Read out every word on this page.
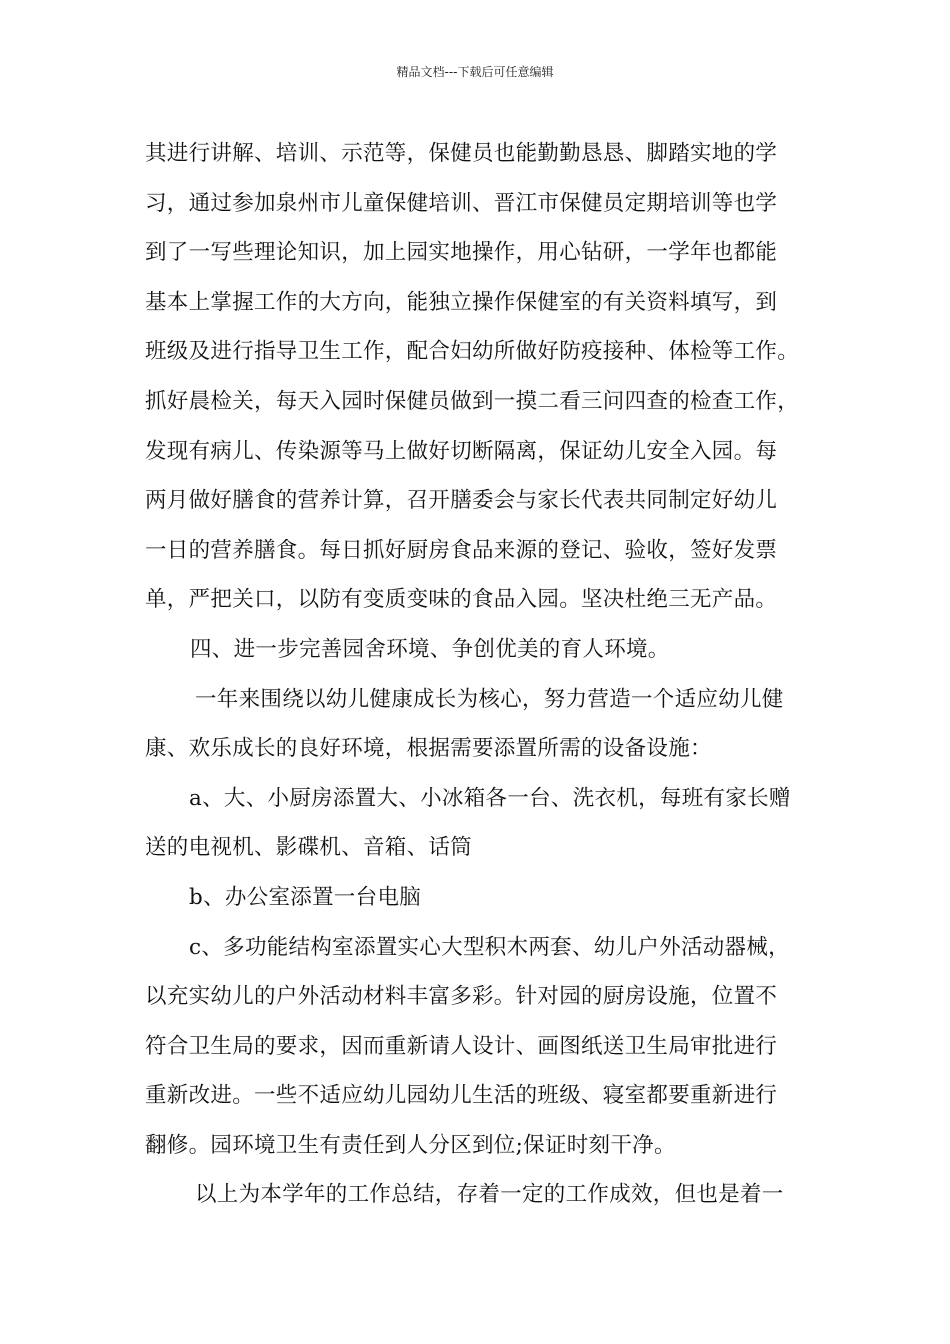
精品文档---下载后可任意编辑
其进行讲解、培训、示范等，保健员也能勤勤恳恳、脚踏实地的学
习，通过参加泉州市儿童保健培训、晋江市保健员定期培训等也学
到了一写些理论知识，加上园实地操作，用心钻研，一学年也都能
基本上掌握工作的大方向，能独立操作保健室的有关资料填写，到
班级及进行指导卫生工作，配合妇幼所做好防疫接种、体检等工作。
抓好晨检关，每天入园时保健员做到一摸二看三问四查的检查工作，
发现有病儿、传染源等马上做好切断隔离，保证幼儿安全入园。每
两月做好膳食的营养计算，召开膳委会与家长代表共同制定好幼儿
一日的营养膳食。每日抓好厨房食品来源的登记、验收，签好发票
单，严把关口，以防有变质变味的食品入园。坚决杜绝三无产品。
四、进一步完善园舍环境、争创优美的育人环境。
一年来围绕以幼儿健康成长为核心，努力营造一个适应幼儿健
康、欢乐成长的良好环境，根据需要添置所需的设备设施：
a、大、小厨房添置大、小冰箱各一台、洗衣机，每班有家长赠
送的电视机、影碟机、音箱、话筒
b、办公室添置一台电脑
c、多功能结构室添置实心大型积木两套、幼儿户外活动器械，
以充实幼儿的户外活动材料丰富多彩。针对园的厨房设施，位置不
符合卫生局的要求，因而重新请人设计、画图纸送卫生局审批进行
重新改进。一些不适应幼儿园幼儿生活的班级、寝室都要重新进行
翻修。园环境卫生有责任到人分区到位;保证时刻干净。
以上为本学年的工作总结，存着一定的工作成效，但也是着一
